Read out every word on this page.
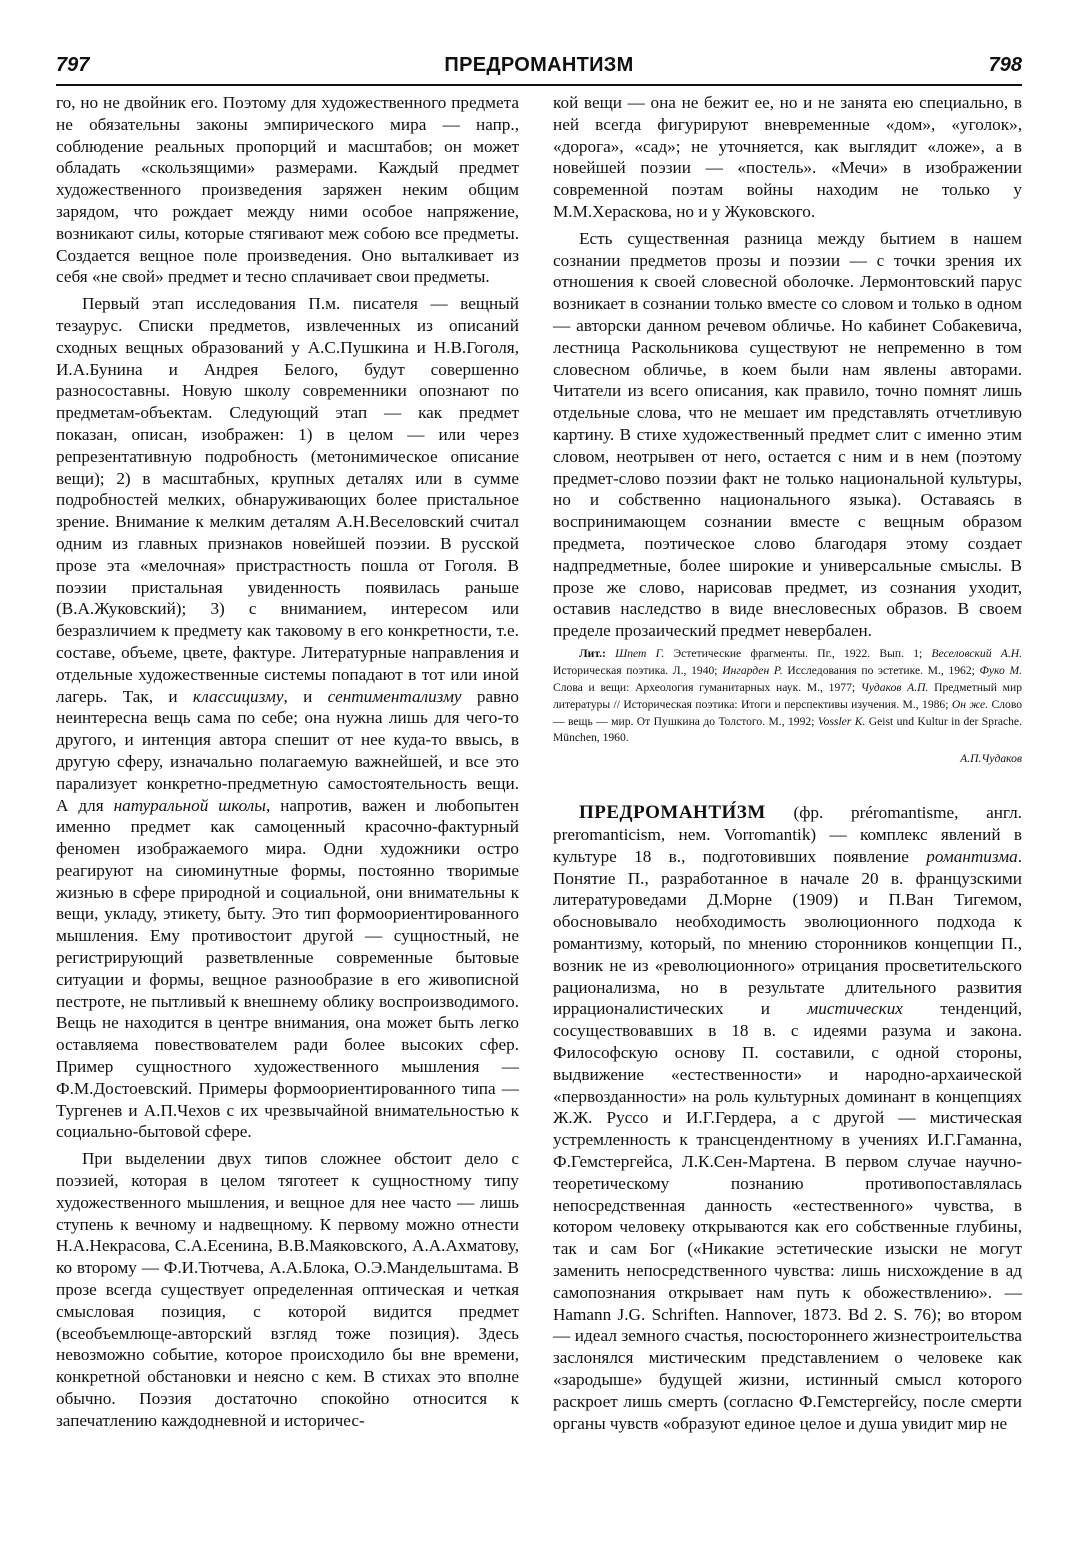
797	ПРЕДРОМАНТИЗМ	798

го, но не двойник его. Поэтому для художественного предмета не обязательны законы эмпирического мира — напр., соблюдение реальных пропорций и масштабов; он может обладать «скользящими» размерами. Каждый предмет художественного произведения заряжен неким общим зарядом, что рождает между ними особое напряжение, возникают силы, которые стягивают меж собою все предметы. Создается вещное поле произведения. Оно выталкивает из себя «не свой» предмет и тесно сплачивает свои предметы.

Первый этап исследования П.м. писателя — вещный тезаурус. Списки предметов, извлеченных из описаний сходных вещных образований у А.С.Пушкина и Н.В.Гоголя, И.А.Бунина и Андрея Белого, будут совершенно разносоставны. Новую школу современники опознают по предметам-объектам. Следующий этап — как предмет показан, описан, изображен: 1) в целом — или через репрезентативную подробность (метонимическое описание вещи); 2) в масштабных, крупных деталях или в сумме подробностей мелких, обнаруживающих более пристальное зрение. Внимание к мелким деталям А.Н.Веселовский считал одним из главных признаков новейшей поэзии. В русской прозе эта «мелочная» пристрастность пошла от Гоголя. В поэзии пристальная увиденность появилась раньше (В.А.Жуковский); 3) с вниманием, интересом или безразличием к предмету как таковому в его конкретности, т.е. составе, объеме, цвете, фактуре. Литературные направления и отдельные художественные системы попадают в тот или иной лагерь. Так, и классицизму, и сентиментализму равно неинтересна вещь сама по себе; она нужна лишь для чего-то другого, и интенция автора спешит от нее куда-то ввысь, в другую сферу, изначально полагаемую важнейшей, и все это парализует конкретно-предметную самостоятельность вещи. А для натуральной школы, напротив, важен и любопытен именно предмет как самоценный красочно-фактурный феномен изображаемого мира. Одни художники остро реагируют на сиюминутные формы, постоянно творимые жизнью в сфере природной и социальной, они внимательны к вещи, укладу, этикету, быту. Это тип формоориентированного мышления. Ему противостоит другой — сущностный, не регистрирующий разветвленные современные бытовые ситуации и формы, вещное разнообразие в его живописной пестроте, не пытливый к внешнему облику воспроизводимого. Вещь не находится в центре внимания, она может быть легко оставляема повествователем ради более высоких сфер. Пример сущностного художественного мышления — Ф.М.Достоевский. Примеры формоориентированного типа — Тургенев и А.П.Чехов с их чрезвычайной внимательностью к социально-бытовой сфере.

При выделении двух типов сложнее обстоит дело с поэзией, которая в целом тяготеет к сущностному типу художественного мышления, и вещное для нее часто — лишь ступень к вечному и надвещному. К первому можно отнести Н.А.Некрасова, С.А.Есенина, В.В.Маяковского, А.А.Ахматову, ко второму — Ф.И.Тютчева, А.А.Блока, О.Э.Мандельштама. В прозе всегда существует определенная оптическая и четкая смысловая позиция, с которой видится предмет (всеобъемлюще-авторский взгляд тоже позиция). Здесь невозможно событие, которое происходило бы вне времени, конкретной обстановки и неясно с кем. В стихах это вполне обычно. Поэзия достаточно спокойно относится к запечатлению каждодневной и историчес-

кой вещи — она не бежит ее, но и не занята ею специально, в ней всегда фигурируют вневременные «дом», «уголок», «дорога», «сад»; не уточняется, как выглядит «ложе», а в новейшей поэзии — «постель». «Мечи» в изображении современной поэтам войны находим не только у М.М.Хераскова, но и у Жуковского.

Есть существенная разница между бытием в нашем сознании предметов прозы и поэзии — с точки зрения их отношения к своей словесной оболочке. Лермонтовский парус возникает в сознании только вместе со словом и только в одном — авторски данном речевом обличье. Но кабинет Собакевича, лестница Раскольникова существуют не непременно в том словесном обличье, в коем были нам явлены авторами. Читатели из всего описания, как правило, точно помнят лишь отдельные слова, что не мешает им представлять отчетливую картину. В стихе художественный предмет слит с именно этим словом, неотрывен от него, остается с ним и в нем (поэтому предмет-слово поэзии факт не только национальной культуры, но и собственно национального языка). Оставаясь в воспринимающем сознании вместе с вещным образом предмета, поэтическое слово благодаря этому создает надпредметные, более широкие и универсальные смыслы. В прозе же слово, нарисовав предмет, из сознания уходит, оставив наследство в виде внесловесных образов. В своем пределе прозаический предмет невербален.

Лит.: Шпет Г. Эстетические фрагменты. Пг., 1922. Вып. 1; Веселовский А.Н. Историческая поэтика. Л., 1940; Ингарден Р. Исследования по эстетике. М., 1962; Фуко М. Слова и вещи: Археология гуманитарных наук. М., 1977; Чудаков А.П. Предметный мир литературы // Историческая поэтика: Итоги и перспективы изучения. М., 1986; Он же. Слово — вещь — мир. От Пушкина до Толстого. М., 1992; Vossler K. Geist und Kultur in der Sprache. München, 1960.

А.П.Чудаков

ПРЕДРОМАНТИ́ЗМ (фр. préromantisme, англ. preromanticism, нем. Vorromantik) — комплекс явлений в культуре 18 в., подготовивших появление романтизма. Понятие П., разработанное в начале 20 в. французскими литературоведами Д.Морне (1909) и П.Ван Тигемом, обосновывало необходимость эволюционного подхода к романтизму, который, по мнению сторонников концепции П., возник не из «революционного» отрицания просветительского рационализма, но в результате длительного развития иррационалистических и мистических тенденций, сосуществовавших в 18 в. с идеями разума и закона. Философскую основу П. составили, с одной стороны, выдвижение «естественности» и народно-архаической «первозданности» на роль культурных доминант в концепциях Ж.Ж. Руссо и И.Г.Гердера, а с другой — мистическая устремленность к трансцендентному в учениях И.Г.Гаманна, Ф.Гемстергейса, Л.К.Сен-Мартена. В первом случае научно-теоретическому познанию противопоставлялась непосредственная данность «естественного» чувства, в котором человеку открываются как его собственные глубины, так и сам Бог («Никакие эстетические изыски не могут заменить непосредственного чувства: лишь нисхождение в ад самопознания открывает нам путь к обожествлению». — Hamann J.G. Schriften. Hannover, 1873. Bd 2. S. 76); во втором — идеал земного счастья, посюстороннего жизнестроительства заслонялся мистическим представлением о человеке как «зародыше» будущей жизни, истинный смысл которого раскроет лишь смерть (согласно Ф.Гемстергейсу, после смерти органы чувств «образуют единое целое и душа увидит мир не
